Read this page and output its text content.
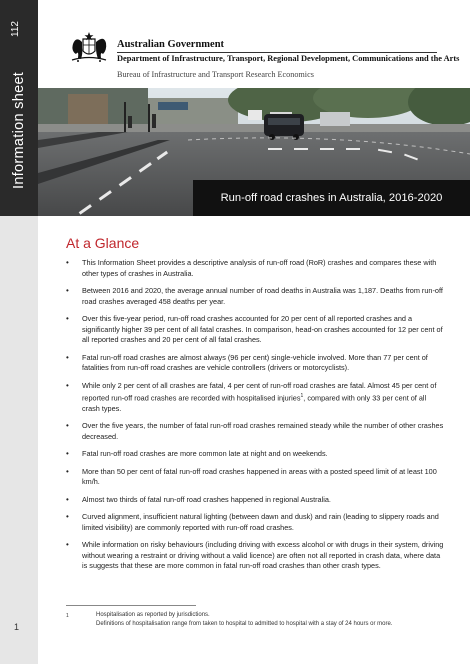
112
Information sheet
1
Australian Government
Department of Infrastructure, Transport, Regional Development, Communications and the Arts
Bureau of Infrastructure and Transport Research Economics
Run-off road crashes in Australia, 2016-2020
At a Glance
• This Information Sheet provides a descriptive analysis of run-off road (RoR) crashes and compares these with other types of crashes in Australia.
• Between 2016 and 2020, the average annual number of road deaths in Australia was 1,187. Deaths from run-off road crashes averaged 458 deaths per year.
• Over this five-year period, run-off road crashes accounted for 20 per cent of all reported crashes and a significantly higher 39 per cent of all fatal crashes. In comparison, head-on crashes accounted for 12 per cent of all reported crashes and 20 per cent of all fatal crashes.
• Fatal run-off road crashes are almost always (96 per cent) single-vehicle involved. More than 77 per cent of fatalities from run-off road crashes are vehicle controllers (drivers or motorcyclists).
• While only 2 per cent of all crashes are fatal, 4 per cent of run-off road crashes are fatal. Almost 45 per cent of reported run-off road crashes are recorded with hospitalised injuries$^1$, compared with only 33 per cent of all crash types.
• Over the five years, the number of fatal run-off road crashes remained steady while the number of other crashes decreased.
• Fatal run-off road crashes are more common late at night and on weekends.
• More than 50 per cent of fatal run-off road crashes happened in areas with a posted speed limit of at least 100 km/h.
• Almost two thirds of fatal run-off road crashes happened in regional Australia.
• Curved alignment, insufficient natural lighting (between dawn and dusk) and rain (leading to slippery roads and limited visibility) are commonly reported with run-off road crashes.
• While information on risky behaviours (including driving with excess alcohol or with drugs in their system, driving without wearing a restraint or driving without a valid licence) are often not all reported in crash data, where data is suggests that these are more common in fatal run-off road crashes than other crash types.
1	Hospitalisation as reported by jurisdictions.
Definitions of hospitalisation range from taken to hospital to admitted to hospital with a stay of 24 hours or more.
